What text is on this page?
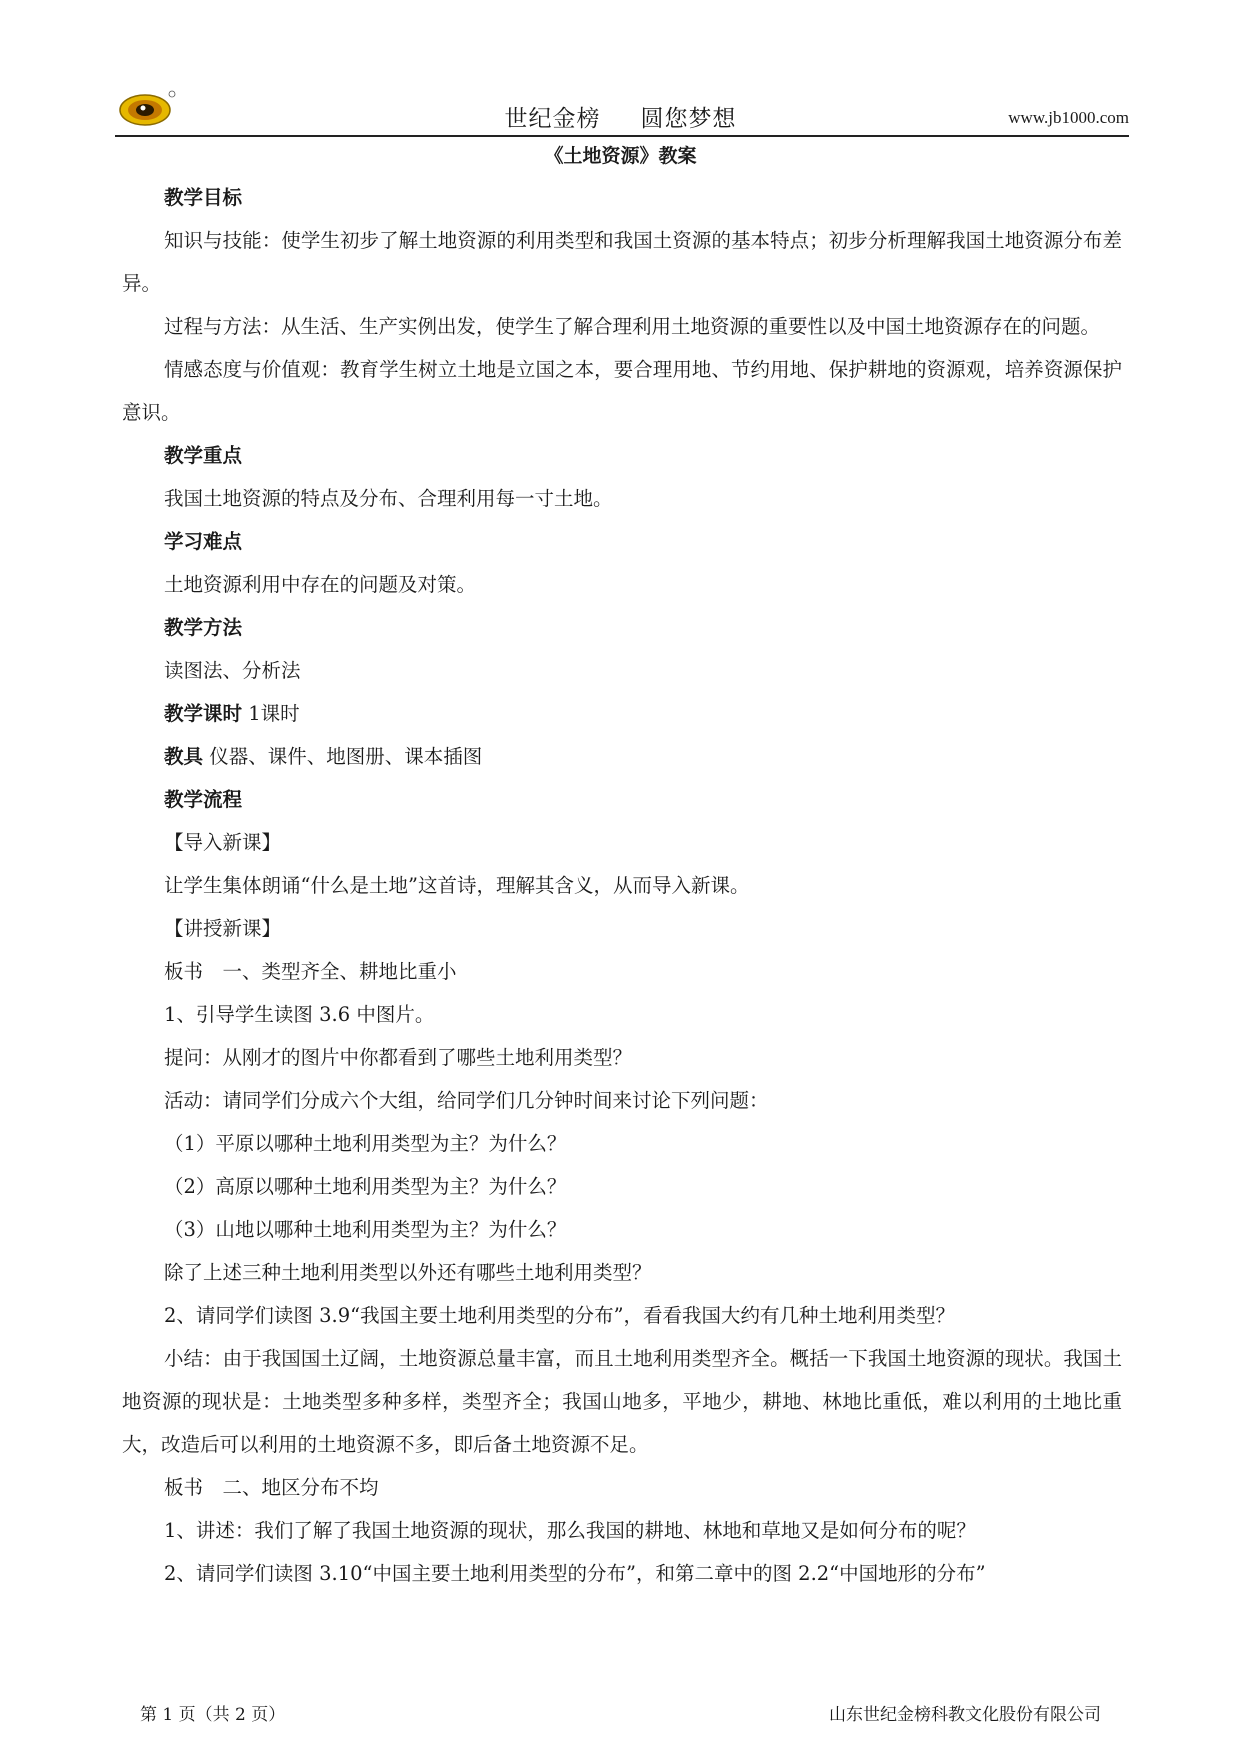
世纪金榜 圆您梦想	www.jb1000.com
《土地资源》教案

教学目标

知识与技能：使学生初步了解土地资源的利用类型和我国土资源的基本特点；初步分析理解我国土地资源分布差异。

过程与方法：从生活、生产实例出发，使学生了解合理利用土地资源的重要性以及中国土地资源存在的问题。

情感态度与价值观：教育学生树立土地是立国之本，要合理用地、节约用地、保护耕地的资源观，培养资源保护意识。

教学重点

我国土地资源的特点及分布、合理利用每一寸土地。

学习难点

土地资源利用中存在的问题及对策。

教学方法

读图法、分析法

教学课时 1课时

教具 仪器、课件、地图册、课本插图

教学流程

【导入新课】

让学生集体朗诵“什么是土地”这首诗，理解其含义，从而导入新课。

【讲授新课】

板书　一、类型齐全、耕地比重小

1、引导学生读图 3.6 中图片。

提问：从刚才的图片中你都看到了哪些土地利用类型？

活动：请同学们分成六个大组，给同学们几分钟时间来讨论下列问题：

（1）平原以哪种土地利用类型为主？为什么？

（2）高原以哪种土地利用类型为主？为什么？

（3）山地以哪种土地利用类型为主？为什么？

除了上述三种土地利用类型以外还有哪些土地利用类型？

2、请同学们读图 3.9“我国主要土地利用类型的分布”，看看我国大约有几种土地利用类型？

小结：由于我国国土辽阔，土地资源总量丰富，而且土地利用类型齐全。概括一下我国土地资源的现状。我国土地资源的现状是：土地类型多种多样，类型齐全；我国山地多，平地少，耕地、林地比重低，难以利用的土地比重大，改造后可以利用的土地资源不多，即后备土地资源不足。

板书　二、地区分布不均

1、讲述：我们了解了我国土地资源的现状，那么我国的耕地、林地和草地又是如何分布的呢？

2、请同学们读图 3.10“中国主要土地利用类型的分布”，和第二章中的图 2.2“中国地形的分布”

第 1 页（共 2 页）	山东世纪金榜科教文化股份有限公司
